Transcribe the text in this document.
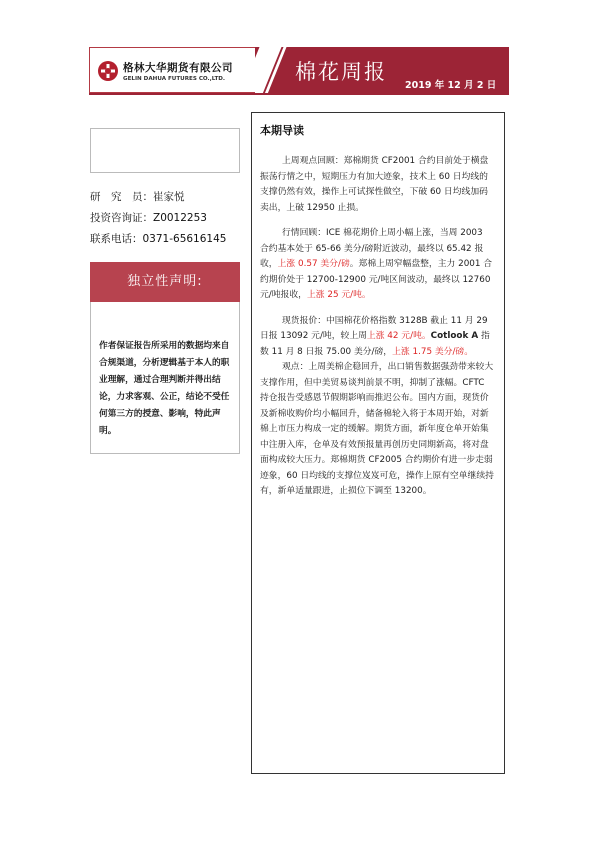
格林大华期货有限公司
GELIN DAHUA FUTURES CO.,LTD.	棉花周报
2019 年 12 月 2 日
研　究　员：崔家悦
投资咨询证：Z0012253
联系电话：0371-65616145
独立性声明:
作者保证报告所采用的数据均来自合规渠道，分析逻辑基于本人的职业理解，通过合理判断并得出结论，力求客观、公正，结论不受任何第三方的授意、影响，特此声明。
本期导读

上周观点回顾：郑棉期货 CF2001 合约目前处于横盘振荡行情之中，短期压力有加大迹象，技术上 60 日均线的支撑仍然有效，操作上可试探性做空，下破 60 日均线加码卖出，上破 12950 止损。

行情回顾：ICE 棉花期价上周小幅上涨，当周 2003 合约基本处于 65-66 美分/磅附近波动，最终以 65.42 报收，上涨 0.57 美分/磅。郑棉上周窄幅盘整，主力 2001 合约期价处于 12700-12900 元/吨区间波动，最终以 12760 元/吨报收，上涨 25 元/吨。

现货报价：中国棉花价格指数 3128B 截止 11 月 29 日报 13092 元/吨，较上周上涨 42 元/吨。Cotlook A 指数 11 月 8 日报 75.00 美分/磅，上涨 1.75 美分/磅。

观点：上周美棉企稳回升，出口销售数据强劲带来较大支撑作用，但中美贸易谈判前景不明，抑制了涨幅。CFTC 持仓报告受感恩节假期影响而推迟公布。国内方面，现货价及新棉收购价均小幅回升，储备棉轮入将于本周开始，对新棉上市压力构成一定的缓解。期货方面，新年度仓单开始集中注册入库，仓单及有效预报量再创历史同期新高，将对盘面构成较大压力。郑棉期货 CF2005 合约期价有进一步走弱迹象，60 日均线的支撑位岌岌可危，操作上原有空单继续持有，新单适量跟进，止损位下调至 13200。
